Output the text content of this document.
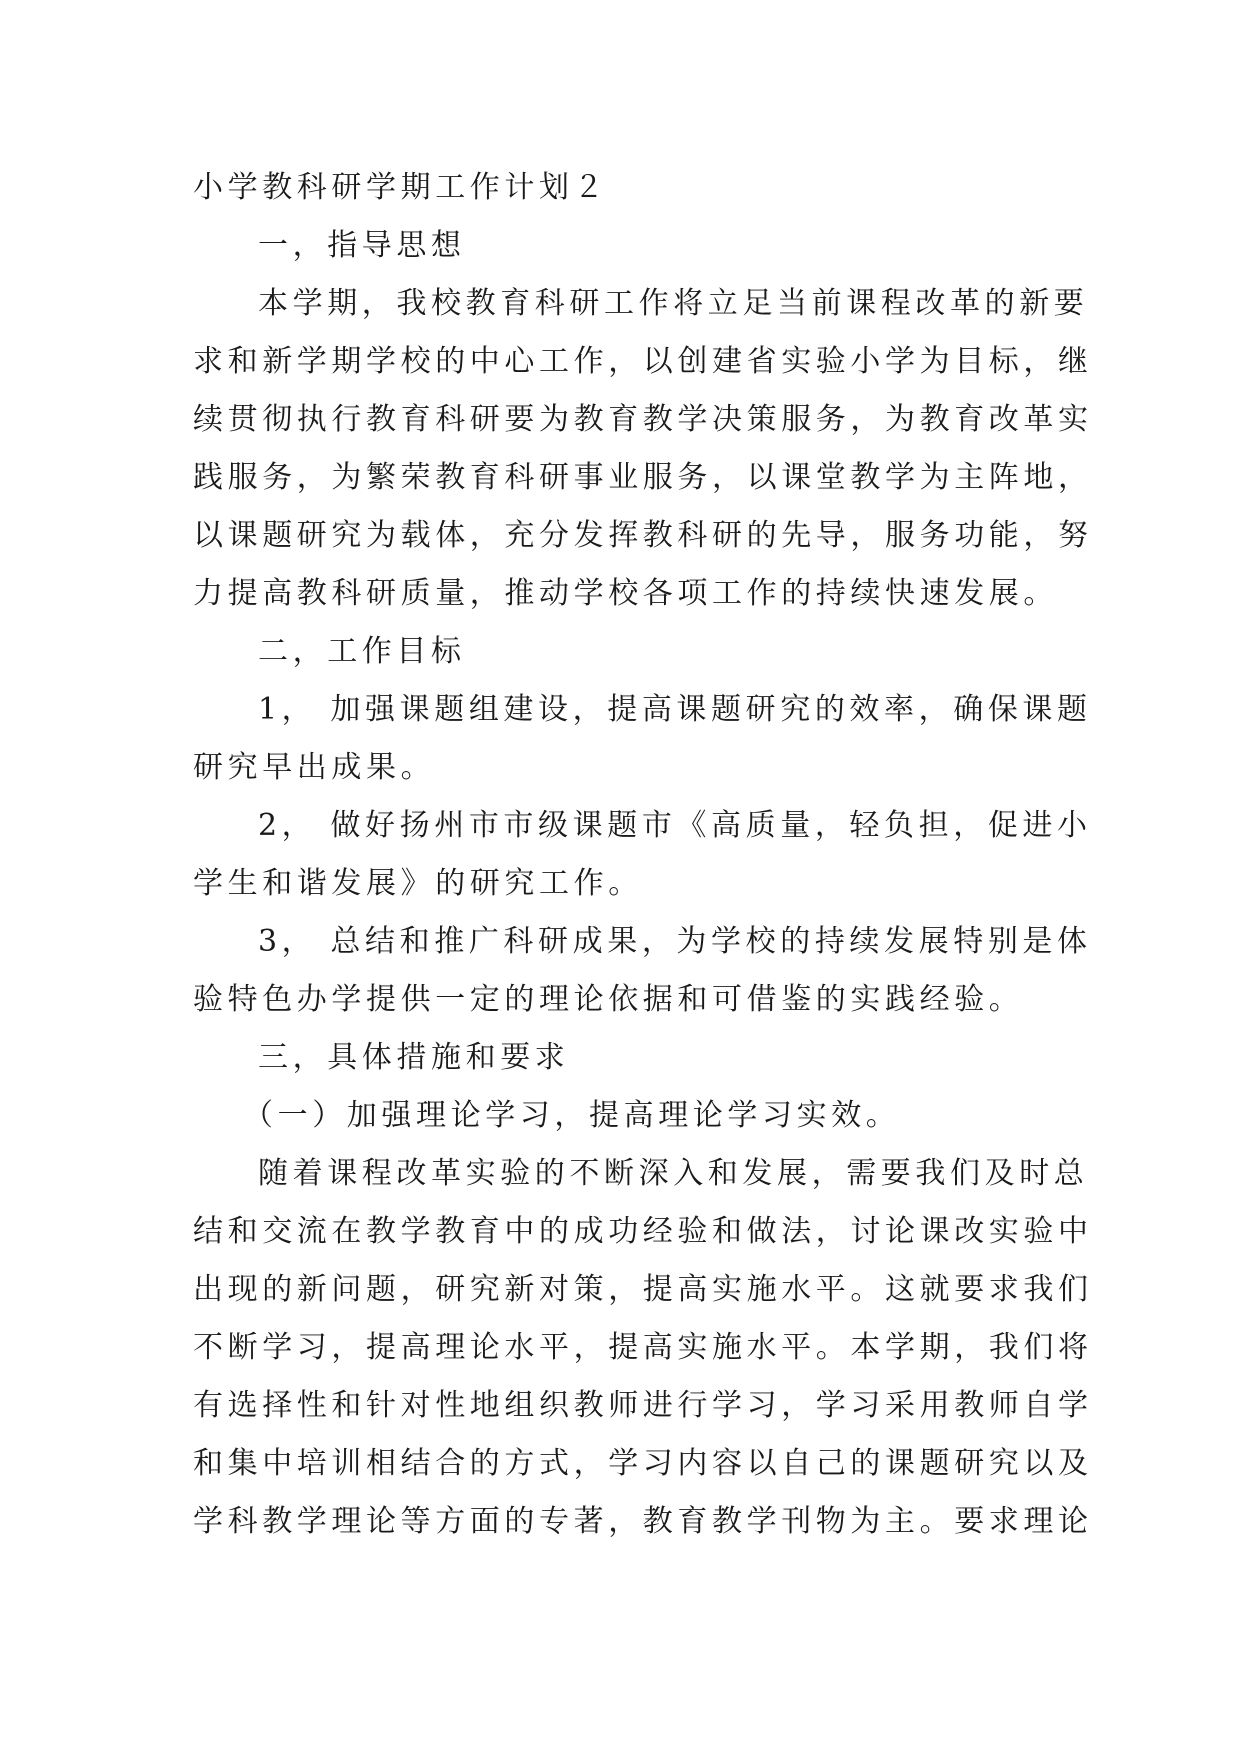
小学教科研学期工作计划２
一，指导思想
本学期，我校教育科研工作将立足当前课程改革的新要
求和新学期学校的中心工作，以创建省实验小学为目标，继
续贯彻执行教育科研要为教育教学决策服务，为教育改革实
践服务，为繁荣教育科研事业服务，以课堂教学为主阵地，
以课题研究为载体，充分发挥教科研的先导，服务功能，努
力提高教科研质量，推动学校各项工作的持续快速发展。
二，工作目标
1， 加强课题组建设，提高课题研究的效率，确保课题
研究早出成果。
2， 做好扬州市市级课题市《高质量，轻负担，促进小
学生和谐发展》的研究工作。
3， 总结和推广科研成果，为学校的持续发展特别是体
验特色办学提供一定的理论依据和可借鉴的实践经验。
三，具体措施和要求
（一）加强理论学习，提高理论学习实效。
随着课程改革实验的不断深入和发展，需要我们及时总
结和交流在教学教育中的成功经验和做法，讨论课改实验中
出现的新问题，研究新对策，提高实施水平。这就要求我们
不断学习，提高理论水平，提高实施水平。本学期，我们将
有选择性和针对性地组织教师进行学习，学习采用教师自学
和集中培训相结合的方式，学习内容以自己的课题研究以及
学科教学理论等方面的专著，教育教学刊物为主。要求理论
